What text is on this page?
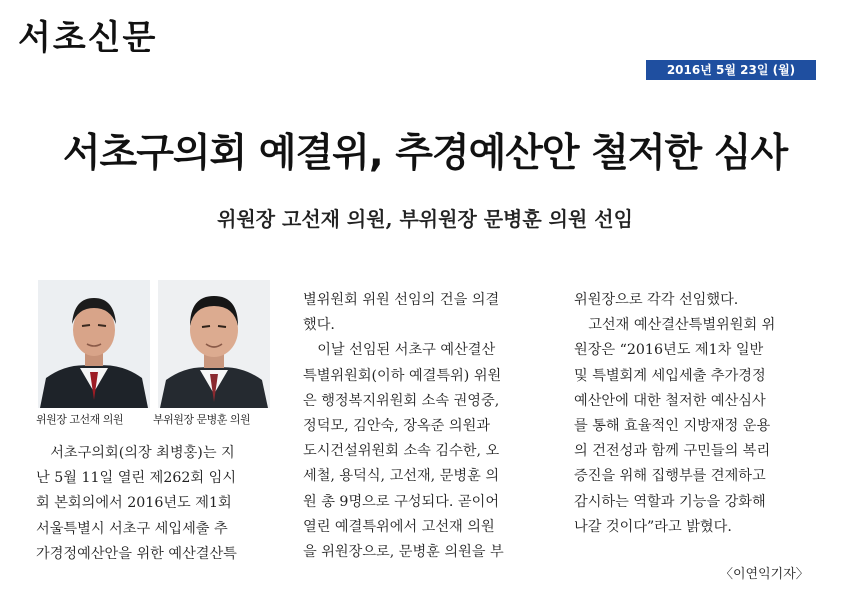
서초신문
2016년 5월 23일 (월)
서초구의회 예결위, 추경예산안 철저한 심사
위원장 고선재 의원, 부위원장 문병훈 의원 선임
위원장 고선재 의원	부위원장 문병훈 의원
　서초구의회(의장 최병홍)는 지
난 5월 11일 열린 제262회 임시
회 본회의에서 2016년도 제1회
서울특별시 서초구 세입세출 추
가경정예산안을 위한 예산결산특
별위원회 위원 선임의 건을 의결
했다.
　이날 선임된 서초구 예산결산
특별위원회(이하 예결특위) 위원
은 행정복지위원회 소속 권영중,
정덕모, 김안숙, 장옥준 의원과
도시건설위원회 소속 김수한, 오
세철, 용덕식, 고선재, 문병훈 의
원 총 9명으로 구성되다. 곧이어
열린 예결특위에서 고선재 의원
을 위원장으로, 문병훈 의원을 부
위원장으로 각각 선임했다.
　고선재 예산결산특별위원회 위
원장은 “2016년도 제1차 일반
및 특별회계 세입세출 추가경정
예산안에 대한 철저한 예산심사
를 통해 효율적인 지방재정 운용
의 건전성과 함께 구민들의 복리
증진을 위해 집행부를 견제하고
감시하는 역할과 기능을 강화해
나갈 것이다”라고 밝혔다.
〈이연익기자〉
